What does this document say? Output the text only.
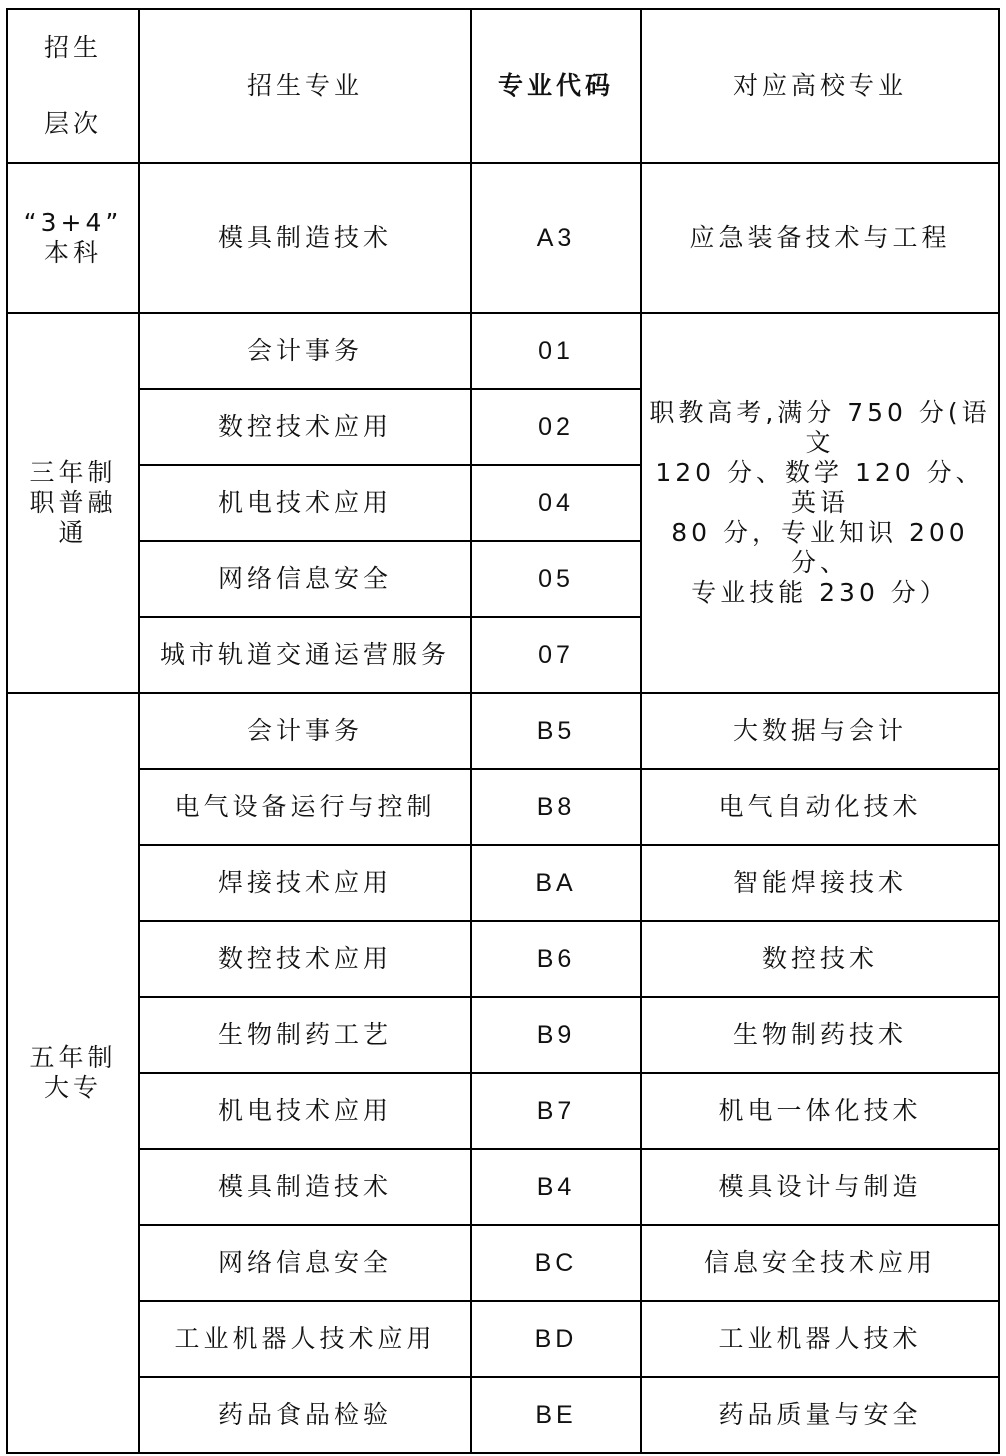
招生
层次	招生专业	专业代码	对应高校专业
“3+4”
本科	模具制造技术	A3	应急装备技术与工程
三年制
职普融
通	会计事务	01	职教高考,满分 750 分(语文
120 分、数学 120 分、英语
80 分，专业知识 200 分、
专业技能 230 分）
	数控技术应用	02	
	机电技术应用	04	
	网络信息安全	05	
	城市轨道交通运营服务	07	
五年制
大专	会计事务	B5	大数据与会计
	电气设备运行与控制	B8	电气自动化技术
	焊接技术应用	BA	智能焊接技术
	数控技术应用	B6	数控技术
	生物制药工艺	B9	生物制药技术
	机电技术应用	B7	机电一体化技术
	模具制造技术	B4	模具设计与制造
	网络信息安全	BC	信息安全技术应用
	工业机器人技术应用	BD	工业机器人技术
	药品食品检验	BE	药品质量与安全
